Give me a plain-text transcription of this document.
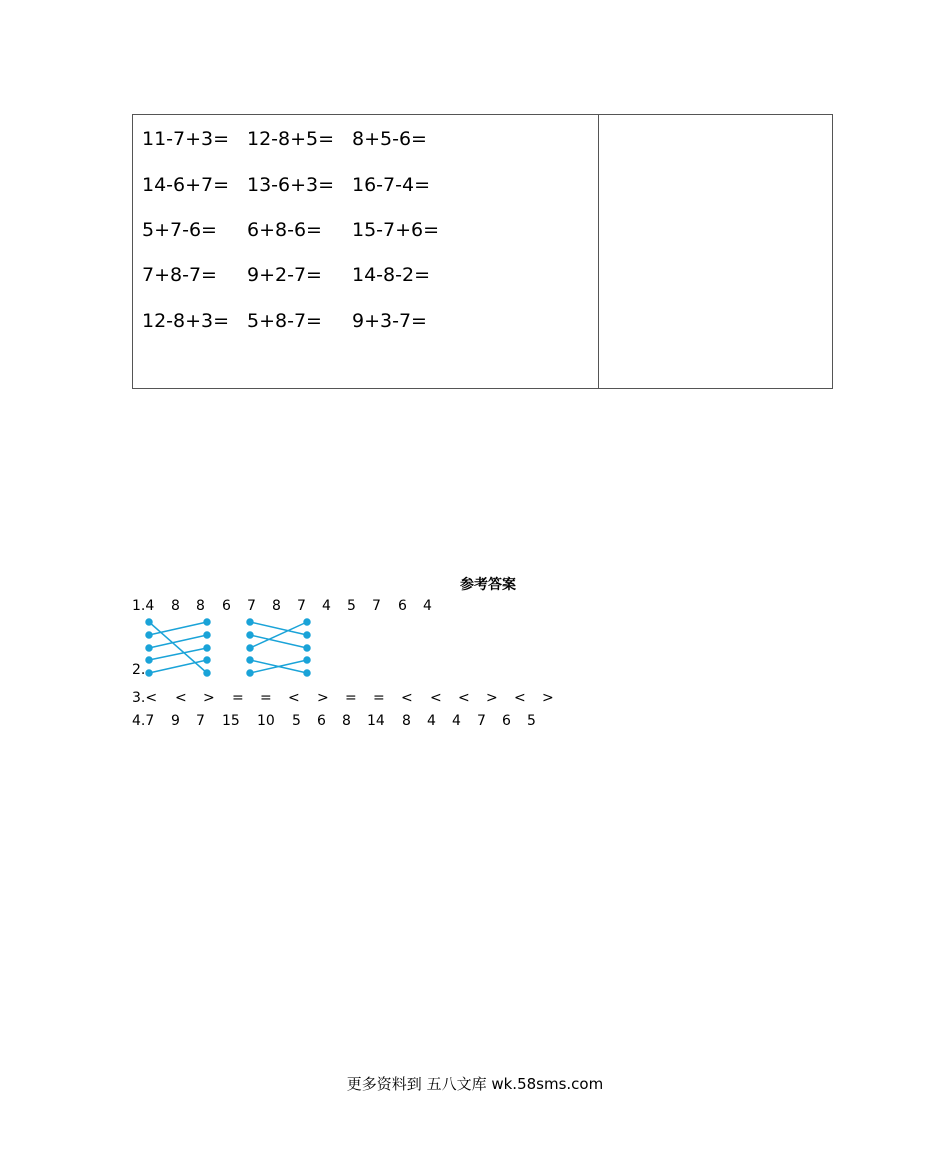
11-7+3= 12-8+5= 8+5-6=
14-6+7= 13-6+3= 16-7-4=
5+7-6= 6+8-6= 15-7+6=
7+8-7= 9+2-7= 14-8-2=
12-8+3= 5+8-7= 9+3-7=
参考答案
1.4 8 8 6 7 8 7 4 5 7 6 4
2.
3.< < > = = < > = = < < < > < >
4.7 9 7 15 10 5 6 8 14 8 4 4 7 6 5
更多资料到 五八文库 wk.58sms.com
